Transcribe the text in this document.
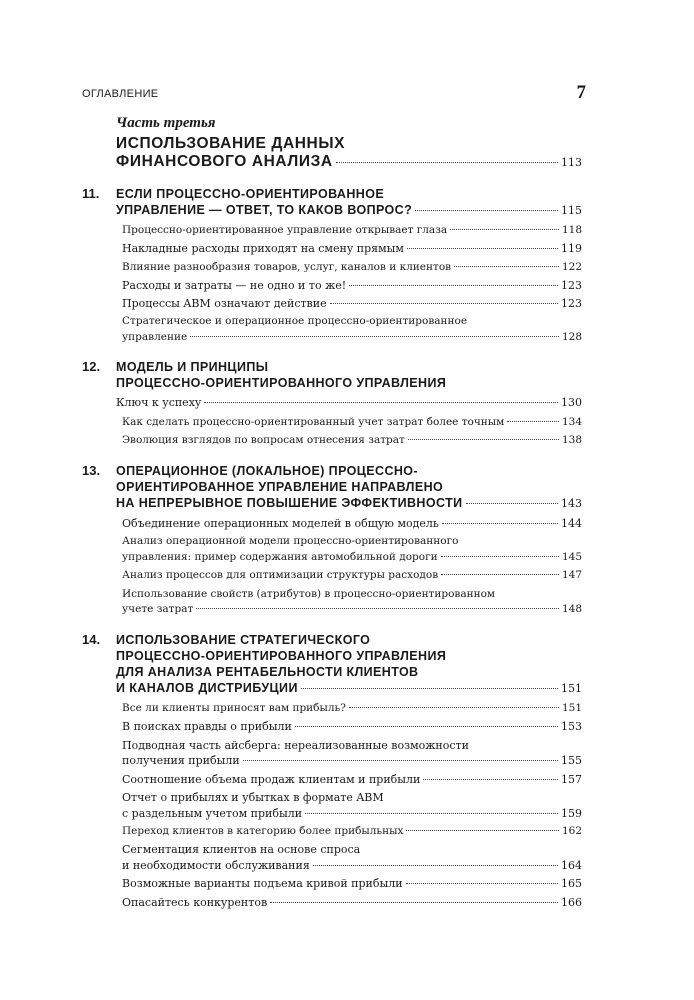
ОГЛАВЛЕНИЕ	7
Часть третья
ИСПОЛЬЗОВАНИЕ ДАННЫХ
ФИНАНСОВОГО АНАЛИЗА	113
11.	ЕСЛИ ПРОЦЕССНО-ОРИЕНТИРОВАННОЕ
УПРАВЛЕНИЕ — ОТВЕТ, ТО КАКОВ ВОПРОС?	115
Процессно-ориентированное управление открывает глаза	118
Накладные расходы приходят на смену прямым	119
Влияние разнообразия товаров, услуг, каналов и клиентов	122
Расходы и затраты — не одно и то же!	123
Процессы ABM означают действие	123
Стратегическое и операционное процессно-ориентированное
управление	128
12.	МОДЕЛЬ И ПРИНЦИПЫ
ПРОЦЕССНО-ОРИЕНТИРОВАННОГО УПРАВЛЕНИЯ
Ключ к успеху	130
Как сделать процессно-ориентированный учет затрат более точным	134
Эволюция взглядов по вопросам отнесения затрат	138
13.	ОПЕРАЦИОННОЕ (ЛОКАЛЬНОЕ) ПРОЦЕССНО-
ОРИЕНТИРОВАННОЕ УПРАВЛЕНИЕ НАПРАВЛЕНО
НА НЕПРЕРЫВНОЕ ПОВЫШЕНИЕ ЭФФЕКТИВНОСТИ	143
Объединение операционных моделей в общую модель	144
Анализ операционной модели процессно-ориентированного
управления: пример содержания автомобильной дороги	145
Анализ процессов для оптимизации структуры расходов	147
Использование свойств (атрибутов) в процессно-ориентированном
учете затрат	148
14.	ИСПОЛЬЗОВАНИЕ СТРАТЕГИЧЕСКОГО
ПРОЦЕССНО-ОРИЕНТИРОВАННОГО УПРАВЛЕНИЯ
ДЛЯ АНАЛИЗА РЕНТАБЕЛЬНОСТИ КЛИЕНТОВ
И КАНАЛОВ ДИСТРИБУЦИИ	151
Все ли клиенты приносят вам прибыль?	151
В поисках правды о прибыли	153
Подводная часть айсберга: нереализованные возможности
получения прибыли	155
Соотношение объема продаж клиентам и прибыли	157
Отчет о прибылях и убытках в формате ABM
с раздельным учетом прибыли	159
Переход клиентов в категорию более прибыльных	162
Сегментация клиентов на основе спроса
и необходимости обслуживания	164
Возможные варианты подъема кривой прибыли	165
Опасайтесь конкурентов	166
